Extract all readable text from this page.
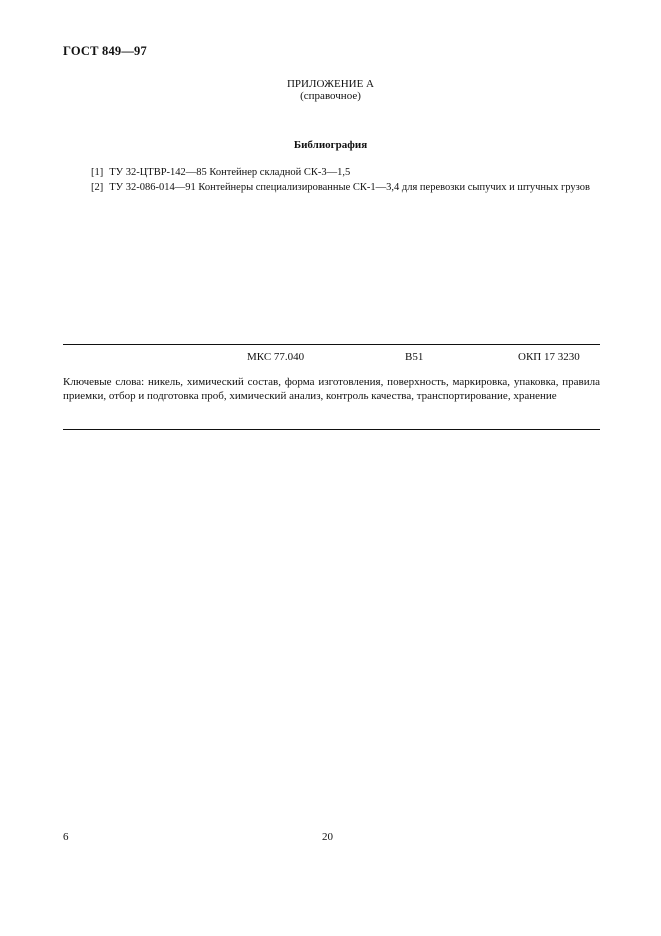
ГОСТ 849—97
ПРИЛОЖЕНИЕ А
(справочное)
Библиография

[1] ТУ 32-ЦТВР-142—85 Контейнер складной СК-3—1,5

[2] ТУ 32-086-014—91 Контейнеры специализированные СК-1—3,4 для перевозки сыпучих и штучных грузов

МКС 77.040	В51	ОКП 17 3230
Ключевые слова: никель, химический состав, форма изготовления, поверхность, маркировка, упаковка, правила приемки, отбор и подготовка проб, химический анализ, контроль качества, транспортирование, хранение
6	20
